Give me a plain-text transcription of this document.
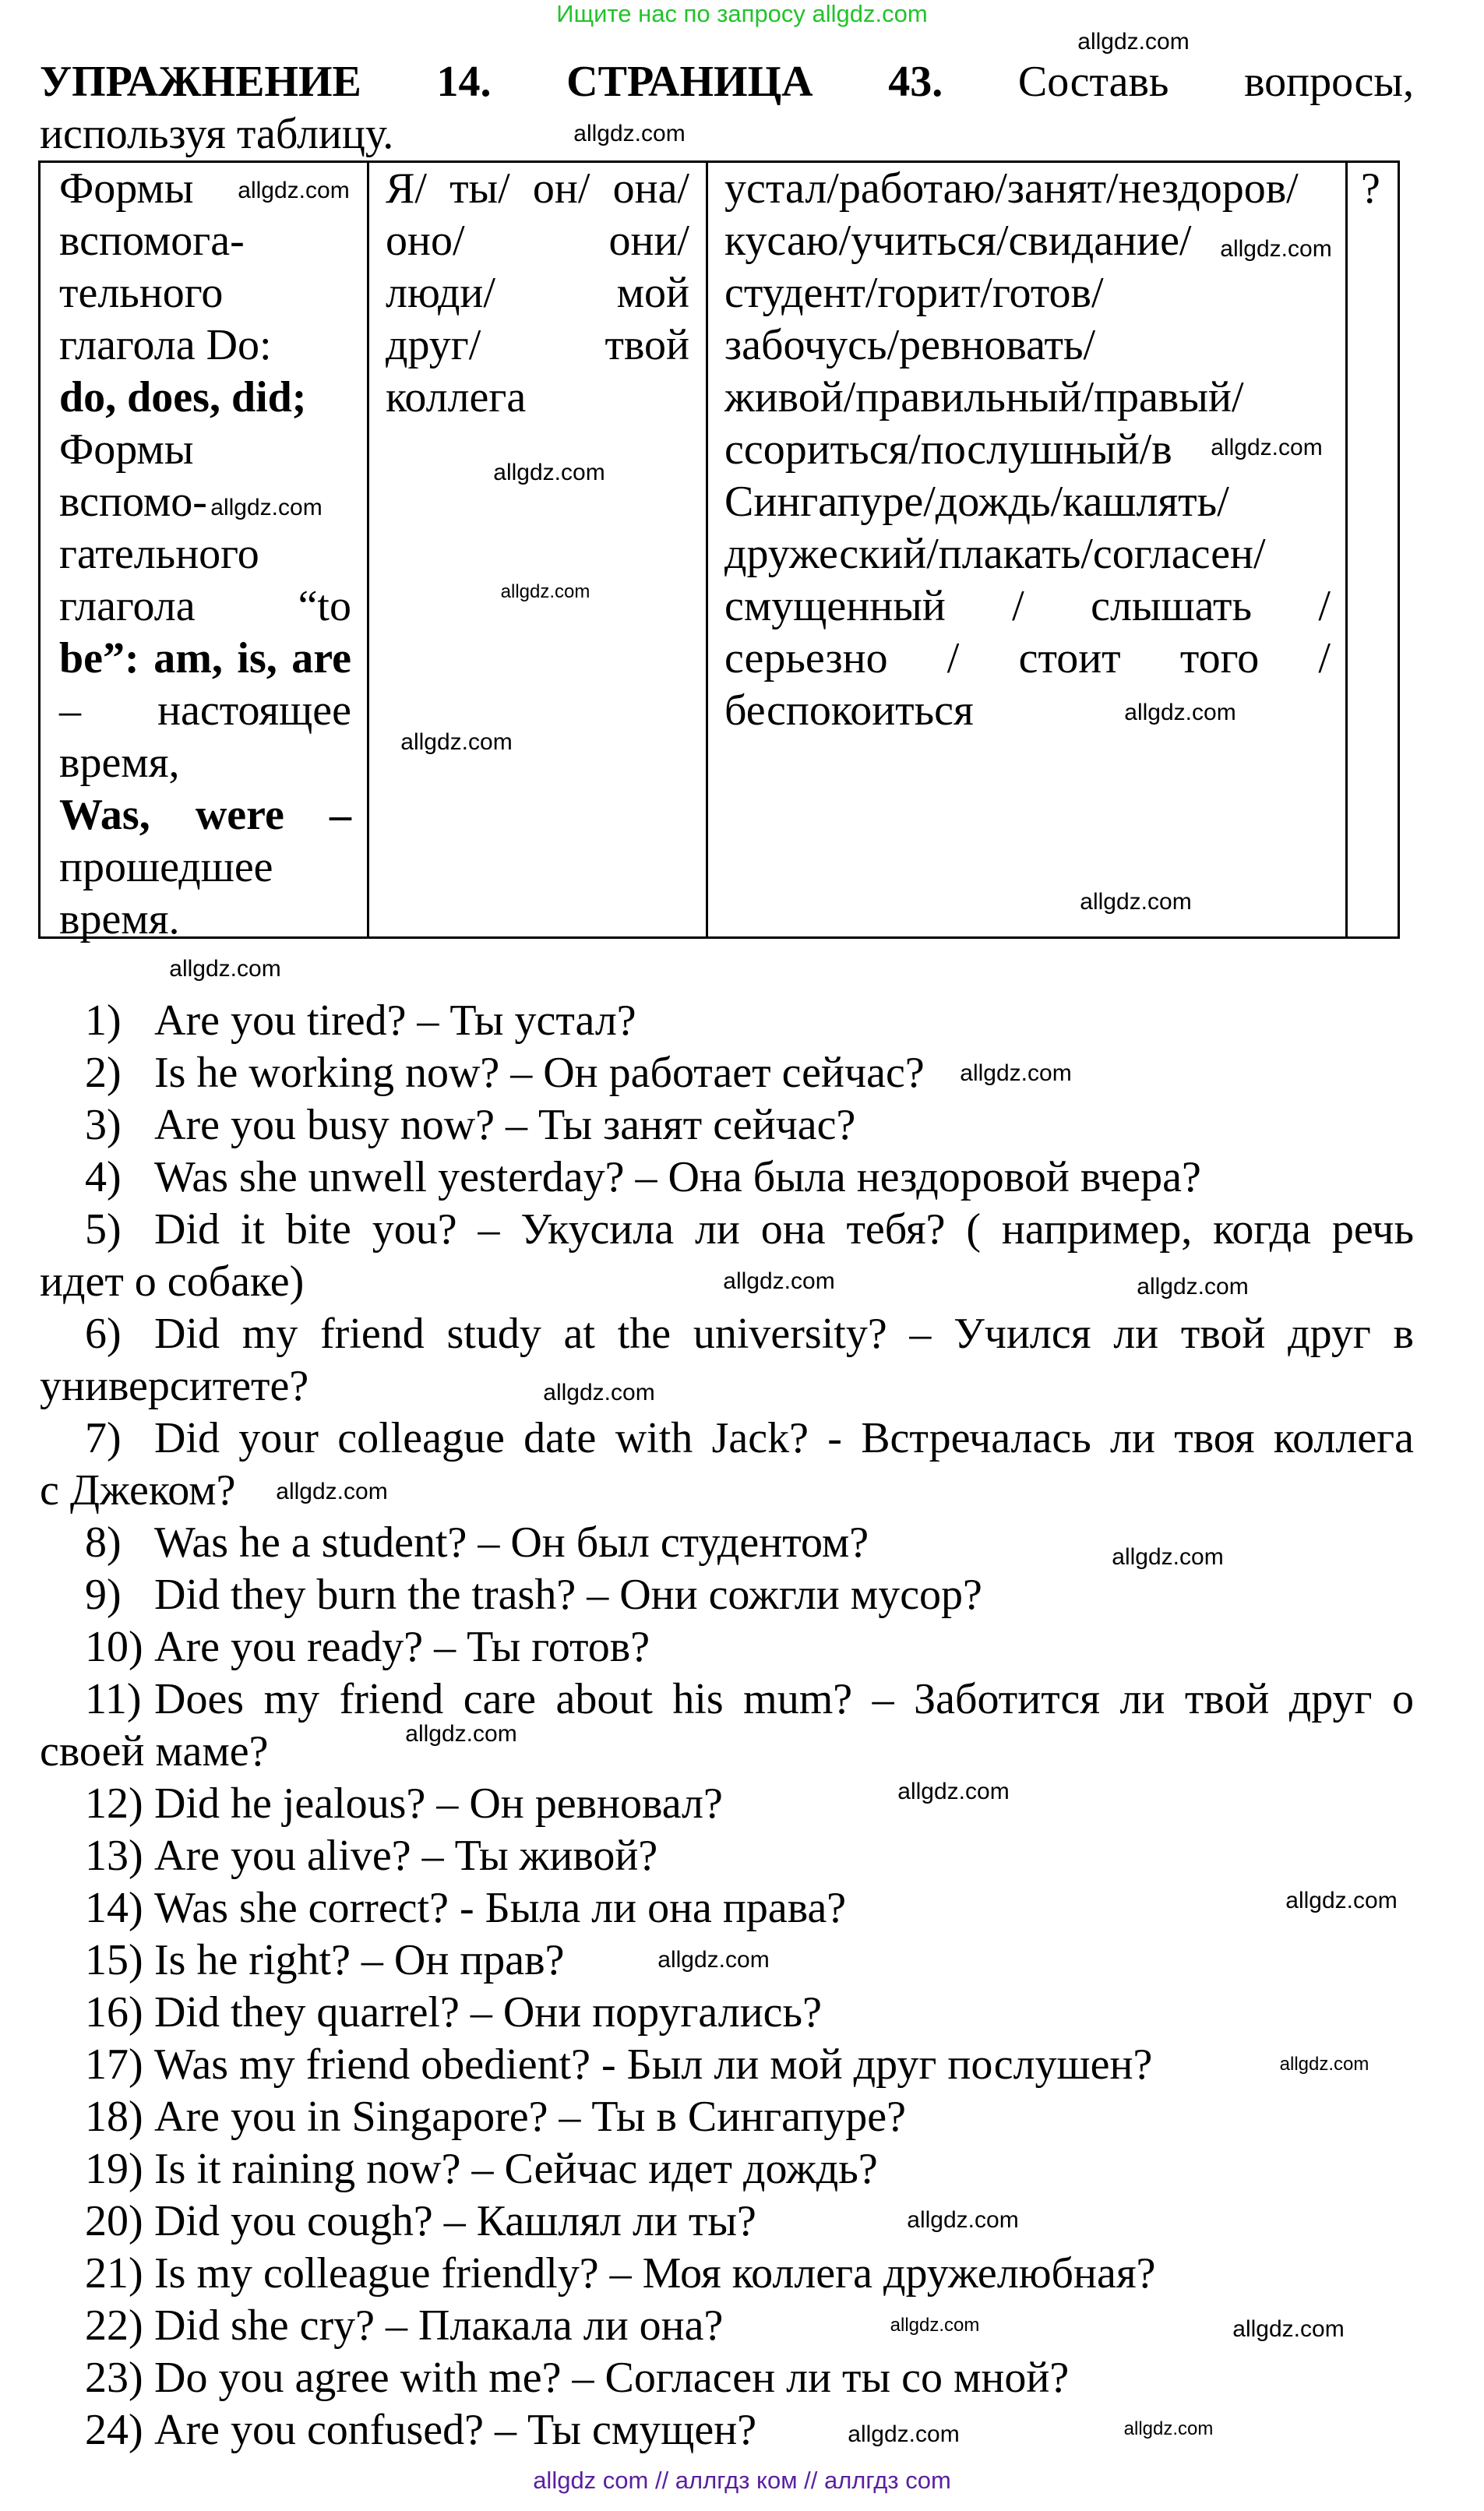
Ищите нас по запросу allgdz.com
УПРАЖНЕНИЕ 14. СТРАНИЦА 43. Составь вопросы,
используя таблицу.
Формы
вспомога-
тельного
глагола Do:
do, does, did;
Формы
вспомо-
гательного
глагола “to
be”: am, is, are
– настоящее
время,
Was, were –
прошедшее
время.
Я/ ты/ он/ она/
оно/ они/
люди/ мой
друг/ твой
коллега
устал/работаю/занят/нездоров/
кусаю/учиться/свидание/
студент/горит/готов/
забочусь/ревновать/
живой/правильный/правый/
ссориться/послушный/в
Сингапуре/дождь/кашлять/
дружеский/плакать/согласен/
смущенный / слышать /
серьезно / стоит того /
беспокоиться
?
1) Are you tired? – Ты устал?
2) Is he working now? – Он работает сейчас?
3) Are you busy now? – Ты занят сейчас?
4) Was she unwell yesterday? – Она была нездоровой вчера?
5) Did it bite you? – Укусила ли она тебя? ( например, когда речь
идет о собаке)
6) Did my friend study at the university? – Учился ли твой друг в
университете?
7) Did your colleague date with Jack? - Встречалась ли твоя коллега
с Джеком?
8) Was he a student? – Он был студентом?
9) Did they burn the trash? – Они сожгли мусор?
10) Are you ready? – Ты готов?
11) Does my friend care about his mum? – Заботится ли твой друг о
своей маме?
12) Did he jealous? – Он ревновал?
13) Are you alive? – Ты живой?
14) Was she correct? - Была ли она права?
15) Is he right? – Он прав?
16) Did they quarrel? – Они поругались?
17) Was my friend obedient? - Был ли мой друг послушен?
18) Are you in Singapore? – Ты в Сингапуре?
19) Is it raining now? – Сейчас идет дождь?
20) Did you cough? – Кашлял ли ты?
21) Is my colleague friendly? – Моя коллега дружелюбная?
22) Did she cry? – Плакала ли она?
23) Do you agree with me? – Согласен ли ты со мной?
24) Are you confused? – Ты смущен?
allgdz.com
allgdz.com
allgdz.com
allgdz.com
allgdz.com
allgdz.com
allgdz.com
allgdz.com
allgdz.com
allgdz.com
allgdz.com
allgdz.com
allgdz.com
allgdz.com	allgdz.com
allgdz.com
allgdz.com
allgdz.com
allgdz.com
allgdz.com
allgdz.com
allgdz.com
allgdz.com
allgdz.com
allgdz.com	allgdz.com
allgdz.com
allgdz.com
allgdz com // аллгдз ком // аллгдз com
